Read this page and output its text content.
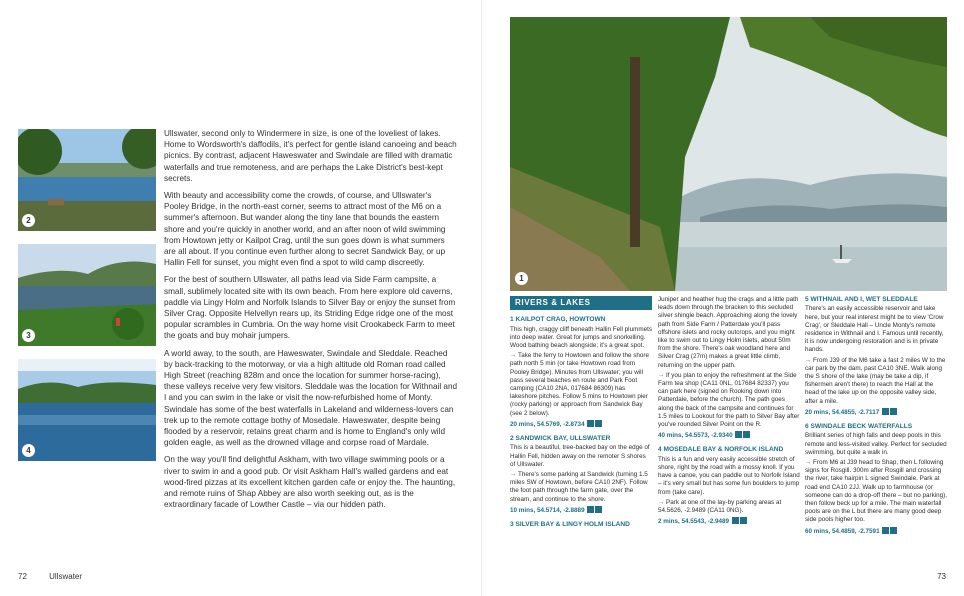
2
3
4

Ullswater, second only to Windermere in size, is one of the loveliest of lakes. Home to Wordsworth's daffodils, it's perfect for gentle island canoeing and beach picnics. By contrast, adjacent Haweswater and Swindale are filled with dramatic waterfalls and true remoteness, and are perhaps the Lake District's best-kept secrets.

With beauty and accessibility come the crowds, of course, and Ullswater's Pooley Bridge, in the north-east corner, seems to attract most of the M6 on a summer's afternoon. But wander along the tiny lane that bounds the eastern shore and you're quickly in another world, and an after noon of wild swimming from Howtown jetty or Kailpot Crag, until the sun goes down is what summers are all about. If you continue even further along to secret Sandwick Bay, or up Hallin Fell for sunset, you might even find a spot to wild camp discreetly.

For the best of southern Ullswater, all paths lead via Side Farm campsite, a small, sublimely located site with its own beach. From here explore old caverns, paddle via Lingy Holm and Norfolk Islands to Silver Bay or enjoy the sunset from Silver Crag. Opposite Helvellyn rears up, its Striding Edge ridge one of the most popular scrambles in Cumbria. On the way home visit Crookabeck Farm to meet the goats and buy mohair jumpers.

A world away, to the south, are Haweswater, Swindale and Sleddale. Reached by back-tracking to the motorway, or via a high altitude old Roman road called High Street (reaching 828m and once the location for summer horse-racing), these valleys receive very few visitors. Sleddale was the location for Withnail and I and you can swim in the lake or visit the now-refurbished home of Monty. Swindale has some of the best waterfalls in Lakeland and wilderness-lovers can trek up to the remote cottage bothy of Mosedale. Haweswater, despite being flooded by a reservoir, retains great charm and is home to England's only wild golden eagle, as well as the drowned village and corpse road of Mardale.

On the way you'll find delightful Askham, with two village swimming pools or a river to swim in and a good pub. Or visit Askham Hall's walled gardens and eat wood-fired pizzas at its excellent kitchen garden cafe or enjoy the. The haunting, and remote ruins of Shap Abbey are also worth seeking out, as is the extraordinary facade of Lowther Castle – via our hidden path.

72	Ullswater
1
RIVERS & LAKES
1 KAILPOT CRAG, HOWTOWN

This high, craggy cliff beneath Hallin Fell plummets into deep water. Great for jumps and snorkelling. Wood bathing beach alongside; it's a great spot.

→ Take the ferry to Howtown and follow the shore path north 5 min (or take Howtown road from Pooley Bridge). Minutes from Ullswater; you will pass several beaches en route and Park Foot camping (CA10 2NA, 017684 86309) has lakeshore pitches. Follow 5 mins to Howtown pier (rocky parking) or approach from Sandwick Bay (see 2 below).

20 mins, 54.5769, -2.8734

2 SANDWICK BAY, ULLSWATER

This is a beautiful, tree-backed bay on the edge of Hallin Fell, hidden away on the remoter S shores of Ullswater.

→ There's some parking at Sandwick (turning 1.5 miles SW of Howtown, before CA10 2NF). Follow the foot path through the farm gate, over the stream, and continue to the shore.

10 mins, 54.5714, -2.8889

3 SILVER BAY & LINGY HOLM ISLAND

Juniper and heather hug the crags and a little path leads down through the bracken to this secluded silver shingle beach. Approaching along the lovely path from Side Farm / Patterdale you'll pass offshore islets and rocky outcrops, and you might like to swim out to Lingy Holm islets, about 50m from the shore. There's oak woodland here and Silver Crag (27m) makes a great little climb, returning on the upper path.

→ If you plan to enjoy the refreshment at the Side Farm tea shop (CA11 0NL, 017684 82337) you can park here (signed on Rooking down into Patterdale, before the church). The path goes along the back of the campsite and continues for 1.5 miles to Lookout for the path to Silver Bay after you've rounded Silver Point on the R.

40 mins, 54.5573, -2.9340

4 MOSEDALE BAY & NORFOLK ISLAND

This is a fun and very easily accessible stretch of shore, right by the road with a mossy knoll. If you have a canoe, you can paddle out to Norfolk Island – it's very small but has some fun boulders to jump from (take care).

→ Park at one of the lay-by parking areas at 54.5626, -2.9489 (CA11 0NG).

2 mins, 54.5543, -2.9489

5 WITHNAIL AND I, WET SLEDDALE

There's an easily accessible reservoir and lake here, but your real interest might be to view 'Crow Crag', or Sleddale Hall – Uncle Monty's remote residence in Withnail and I. Famous until recently, it is now undergoing restoration and is in private hands.

→ From J39 of the M6 take a fast 2 miles W to the car park by the dam, past CA10 3NE. Walk along the S shore of the lake (may be take a dip, if fishermen aren't there) to reach the Hall at the head of the lake up on the opposite valley side, after a mile.

20 mins, 54.4855, -2.7117

6 SWINDALE BECK WATERFALLS

Brilliant series of high falls and deep pools in this remote and less-visited valley. Perfect for secluded swimming, but quite a walk in.

→ From M6 at J39 head to Shap, then L following signs for Rosgill. 300m after Rosgill and crossing the river, take hairpin L signed Swindale. Park at road end CA10 2JJ. Walk up to farmhouse (or someone can do a drop-off there – but no parking), then follow beck up for a mile. The main waterfall pools are on the L but there are many good deep side pools higher too.

60 mins, 54.4859, -2.7591

73
